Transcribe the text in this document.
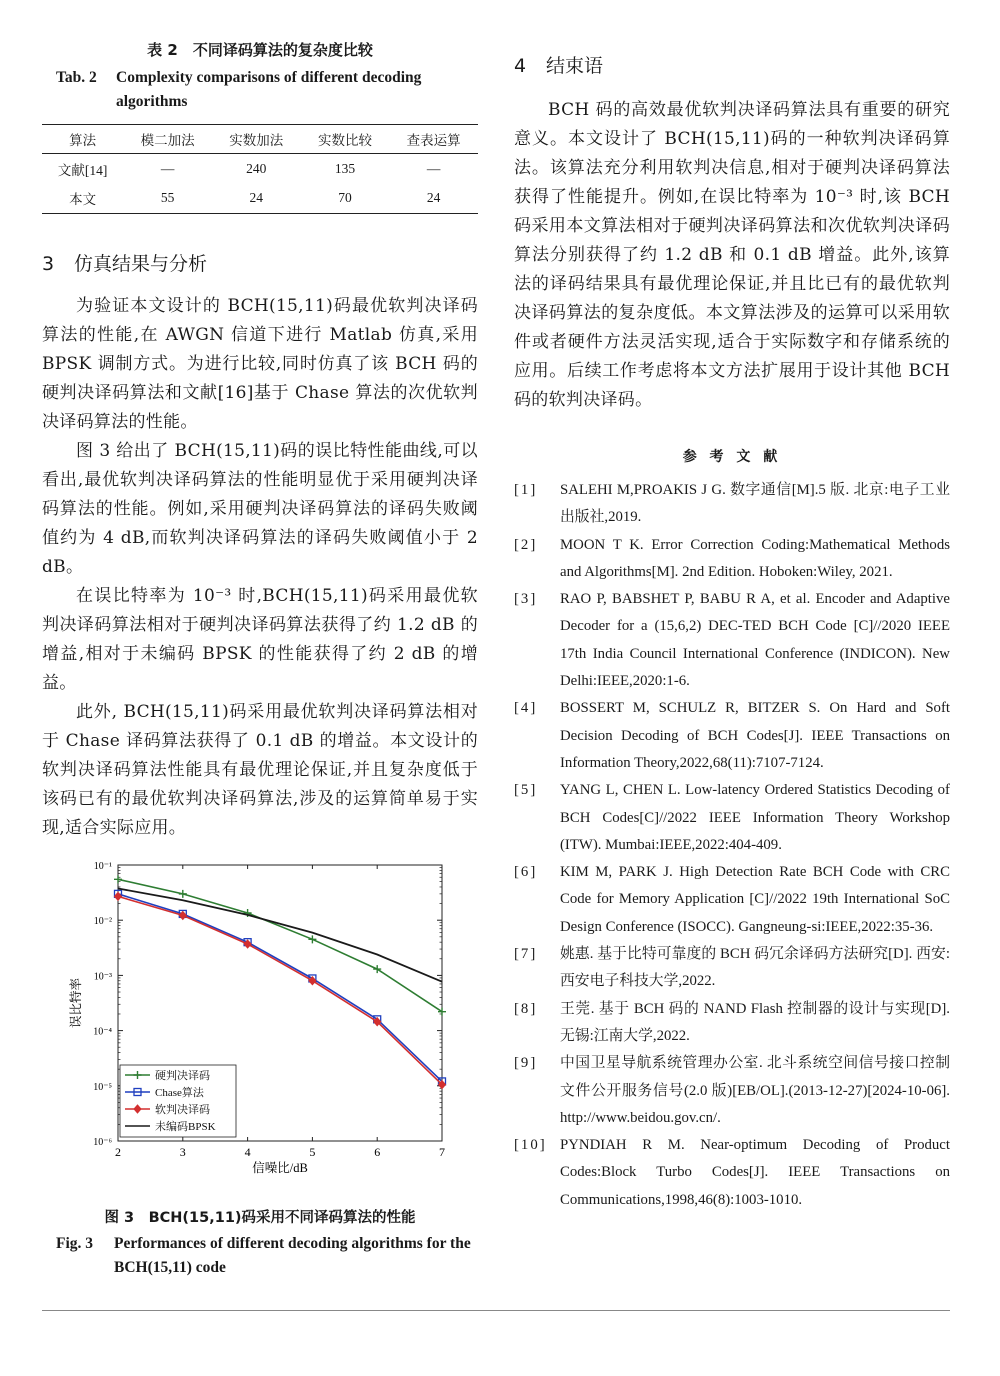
表 2　不同译码算法的复杂度比较
Tab. 2	Complexity comparisons of different decoding algorithms
算法	模二加法	实数加法	实数比较	查表运算
文献[14]	—	240	135	—
本文	55	24	70	24
3	仿真结果与分析

为验证本文设计的 BCH(15,11)码最优软判决译码算法的性能,在 AWGN 信道下进行 Matlab 仿真,采用 BPSK 调制方式。为进行比较,同时仿真了该 BCH 码的硬判决译码算法和文献[16]基于 Chase 算法的次优软判决译码算法的性能。

图 3 给出了 BCH(15,11)码的误比特性能曲线,可以看出,最优软判决译码算法的性能明显优于采用硬判决译码算法的性能。例如,采用硬判决译码算法的译码失败阈值约为 4 dB,而软判决译码算法的译码失败阈值小于 2 dB。

在误比特率为 10⁻³ 时,BCH(15,11)码采用最优软判决译码算法相对于硬判决译码算法获得了约 1.2 dB 的增益,相对于未编码 BPSK 的性能获得了约 2 dB 的增益。

此外, BCH(15,11)码采用最优软判决译码算法相对于 Chase 译码算法获得了 0.1 dB 的增益。本文设计的软判决译码算法性能具有最优理论保证,并且复杂度低于该码已有的最优软判决译码算法,涉及的运算简单易于实现,适合实际应用。

2	3	4	5	6	7
10⁻¹
10⁻²
10⁻³
10⁻⁴
10⁻⁵
10⁻⁶
信噪比/dB
误比特率
硬判决译码
Chase算法
软判决译码
未编码BPSK
图 3　BCH(15,11)码采用不同译码算法的性能
Fig. 3	Performances of different decoding algorithms for the BCH(15,11) code
4	结束语

BCH 码的高效最优软判决译码算法具有重要的研究意义。本文设计了 BCH(15,11)码的一种软判决译码算法。该算法充分利用软判决信息,相对于硬判决译码算法获得了性能提升。例如,在误比特率为 10⁻³ 时,该 BCH 码采用本文算法相对于硬判决译码算法和次优软判决译码算法分别获得了约 1.2 dB 和 0.1 dB 增益。此外,该算法的译码结果具有最优理论保证,并且比已有的最优软判决译码算法的复杂度低。本文算法涉及的运算可以采用软件或者硬件方法灵活实现,适合于实际数字和存储系统的应用。后续工作考虑将本文方法扩展用于设计其他 BCH 码的软判决译码。

参 考 文 献
[1]	SALEHI M,PROAKIS J G. 数字通信[M].5 版. 北京:电子工业出版社,2019.
[2]	MOON T K. Error Correction Coding:Mathematical Methods and Algorithms[M]. 2nd Edition. Hoboken:Wiley, 2021.
[3]	RAO P, BABSHET P, BABU R A, et al. Encoder and Adaptive Decoder for a (15,6,2) DEC-TED BCH Code [C]//2020 IEEE 17th India Council International Conference (INDICON). New Delhi:IEEE,2020:1-6.
[4]	BOSSERT M, SCHULZ R, BITZER S. On Hard and Soft Decision Decoding of BCH Codes[J]. IEEE Transactions on Information Theory,2022,68(11):7107-7124.
[5]	YANG L, CHEN L. Low-latency Ordered Statistics Decoding of BCH Codes[C]//2022 IEEE Information Theory Workshop (ITW). Mumbai:IEEE,2022:404-409.
[6]	KIM M, PARK J. High Detection Rate BCH Code with CRC Code for Memory Application [C]//2022 19th International SoC Design Conference (ISOCC). Gangneung-si:IEEE,2022:35-36.
[7]	姚惠. 基于比特可靠度的 BCH 码冗余译码方法研究[D]. 西安:西安电子科技大学,2022.
[8]	王莞. 基于 BCH 码的 NAND Flash 控制器的设计与实现[D]. 无锡:江南大学,2022.
[9]	中国卫星导航系统管理办公室. 北斗系统空间信号接口控制文件公开服务信号(2.0 版)[EB/OL].(2013-12-27)[2024-10-06]. http://www.beidou.gov.cn/.
[10] PYNDIAH R M. Near-optimum Decoding of Product Codes:Block Turbo Codes[J]. IEEE Transactions on Communications,1998,46(8):1003-1010.
